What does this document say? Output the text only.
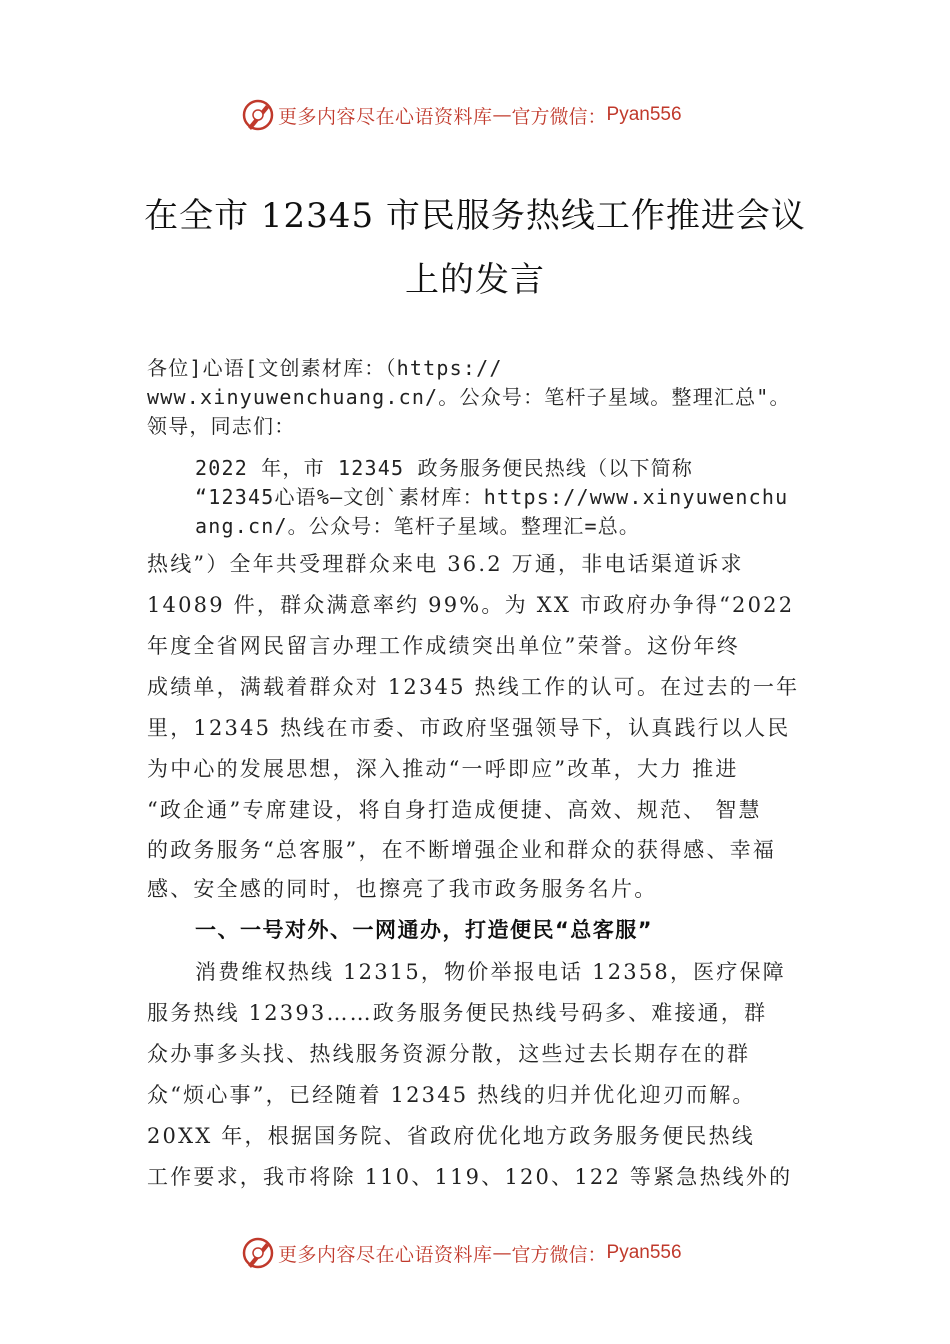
更多内容尽在心语资料库 — 官方微信： Pyan556
在全市 12345 市民服务热线工作推进会议
上的发言
各位]心语[文创素材库：（https://
www.xinyuwenchuang.cn/。公众号：笔杆子星域。整理汇总"。
领导，同志们：
2022 年，市 12345 政务服务便民热线（以下简称
“12345心语%—文创`素材库：https://www.xinyuwenchu
ang.cn/。公众号：笔杆子星域。整理汇=总。
热线”）全年共受理群众来电 36.2 万通，非电话渠道诉求
14089 件，群众满意率约 99%。为 XX 市政府办争得“2022
年度全省网民留言办理工作成绩突出单位”荣誉。这份年终
成绩单，满载着群众对 12345 热线工作的认可。在过去的一年
里，12345 热线在市委、市政府坚强领导下，认真践行以人民
为中心的发展思想，深入推动“一呼即应”改革，大力 推进
“政企通”专席建设，将自身打造成便捷、高效、规范、 智慧
的政务服务“总客服”，在不断增强企业和群众的获得感、幸福
感、安全感的同时，也擦亮了我市政务服务名片。
一、一号对外、一网通办，打造便民“总客服”
消费维权热线 12315，物价举报电话 12358，医疗保障
服务热线 12393……政务服务便民热线号码多、难接通，群
众办事多头找、热线服务资源分散，这些过去长期存在的群
众“烦心事”，已经随着 12345 热线的归并优化迎刃而解。
20XX 年，根据国务院、省政府优化地方政务服务便民热线
工作要求，我市将除 110、119、120、122 等紧急热线外的
更多内容尽在心语资料库 — 官方微信： Pyan556
